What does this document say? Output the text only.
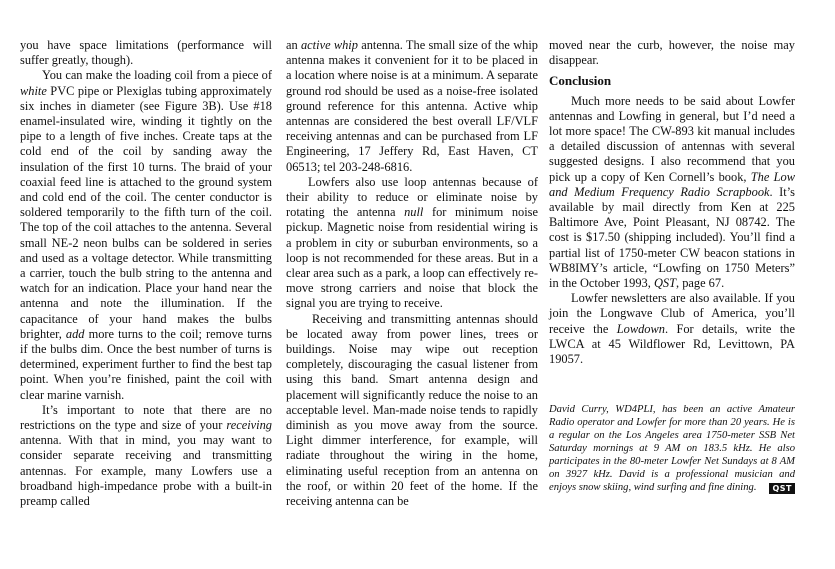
you have space limitations (performance will suffer greatly, though).

You can make the loading coil from a piece of white PVC pipe or Plexiglas tubing approximately six inches in diameter (see Figure 3B). Use #18 enamel-insulated wire, winding it tightly on the pipe to a length of five inches. Create taps at the cold end of the coil by sanding away the insulation of the first 10 turns. The braid of your coaxial feed line is attached to the ground system and cold end of the coil. The center conductor is soldered temporarily to the fifth turn of the coil. The top of the coil attaches to the antenna. Several small NE-2 neon bulbs can be soldered in series and used as a voltage detector. While transmitting a carrier, touch the bulb string to the antenna and watch for an indication. Place your hand near the antenna and note the illumination. If the capacitance of your hand makes the bulbs brighter, add more turns to the coil; remove turns if the bulbs dim. Once the best number of turns is determined, experiment further to find the best tap point. When you’re finished, paint the coil with clear marine varnish.

It’s important to note that there are no restrictions on the type and size of your receiving antenna. With that in mind, you may want to consider separate receiving and transmitting antennas. For example, many Lowfers use a broadband high-impedance probe with a built-in preamp called

an active whip antenna. The small size of the whip antenna makes it convenient for it to be placed in a location where noise is at a minimum. A separate ground rod should be used as a noise-free isolated ground reference for this antenna. Active whip antennas are considered the best overall LF/VLF receiving antennas and can be purchased from LF Engineering, 17 Jeffery Rd, East Haven, CT 06513; tel 203-248-6816.

Lowfers also use loop antennas because of their ability to reduce or eliminate noise by rotating the antenna null for minimum noise pickup. Magnetic noise from residential wiring is a problem in city or suburban environments, so a loop is not recommended for these areas. But in a clear area such as a park, a loop can effectively remove strong carriers and noise that block the signal you are trying to receive.

Receiving and transmitting antennas should be located away from power lines, trees or buildings. Noise may wipe out reception completely, discouraging the casual listener from using this band. Smart antenna design and placement will significantly reduce the noise to an acceptable level. Man-made noise tends to rapidly diminish as you move away from the source. Light dimmer interference, for example, will radiate throughout the wiring in the home, eliminating useful reception from an antenna on the roof, or within 20 feet of the home. If the receiving antenna can be

moved near the curb, however, the noise may disappear.

Conclusion

Much more needs to be said about Lowfer antennas and Lowfing in general, but I’d need a lot more space! The CW-893 kit manual includes a detailed discussion of antennas with several suggested designs. I also recommend that you pick up a copy of Ken Cornell’s book, The Low and Medium Frequency Radio Scrapbook. It’s available by mail directly from Ken at 225 Baltimore Ave, Point Pleasant, NJ 08742. The cost is $17.50 (shipping included). You’ll find a partial list of 1750-meter CW beacon stations in WB8IMY’s article, “Lowfing on 1750 Meters” in the October 1993, QST, page 67.

Lowfer newsletters are also available. If you join the Longwave Club of America, you’ll receive the Lowdown. For details, write the LWCA at 45 Wildflower Rd, Levittown, PA 19057.

David Curry, WD4PLI, has been an active Amateur Radio operator and Lowfer for more than 20 years. He is a regular on the Los Angeles area 1750-meter SSB Net Saturday mornings at 9 AM on 183.5 kHz. He also participates in the 80-meter Lowfer Net Sundays at 8 AM on 3927 kHz. David is a professional musician and enjoys snow skiing, wind surfing and fine dining.	QST
